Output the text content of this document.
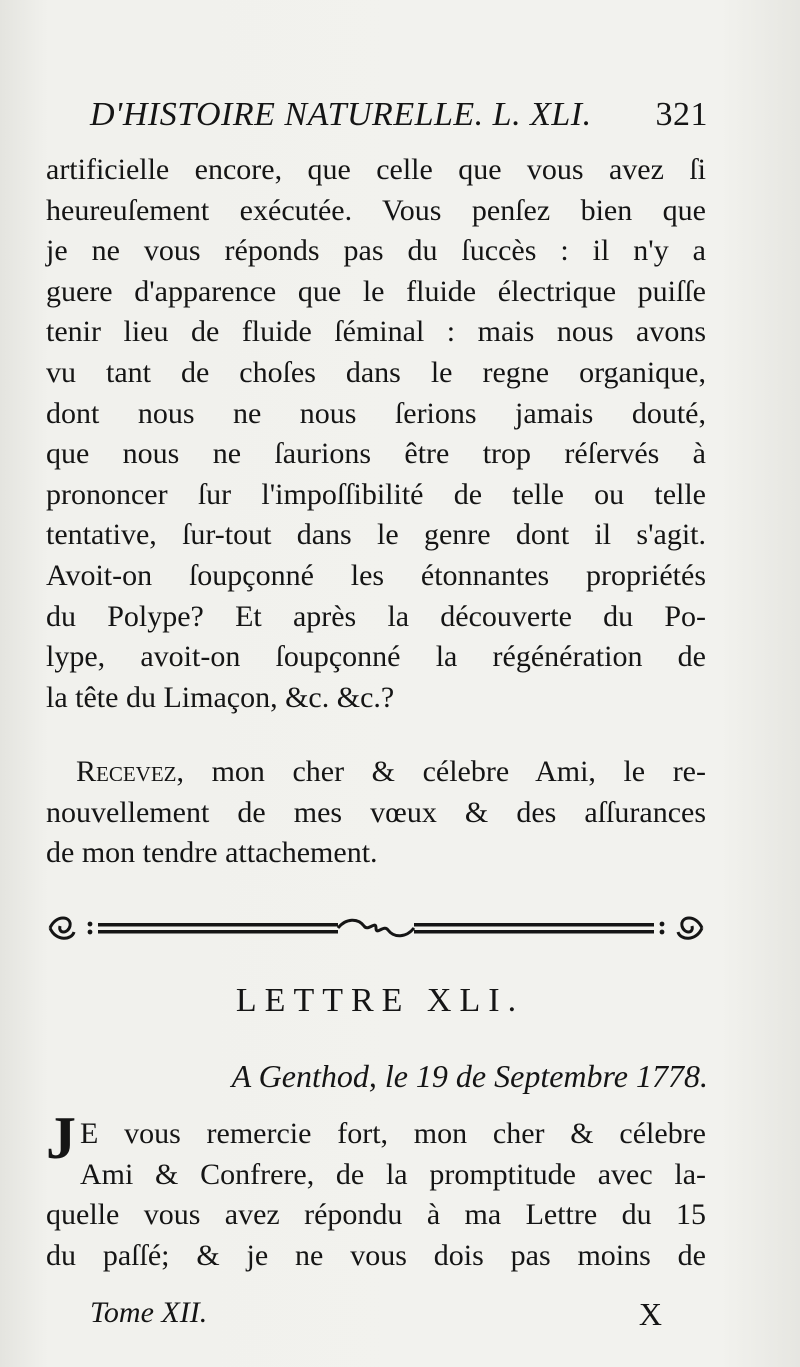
D'HISTOIRE NATURELLE. L. XLI. 321
artificielle encore, que celle que vous avez ſi
heureuſement exécutée. Vous penſez bien que
je ne vous réponds pas du ſuccès : il n'y a
guere d'apparence que le fluide électrique puiſſe
tenir lieu de fluide ſéminal : mais nous avons
vu tant de choſes dans le regne organique,
dont nous ne nous ſerions jamais douté,
que nous ne ſaurions être trop réſervés à
prononcer ſur l'impoſſibilité de telle ou telle
tentative, ſur-tout dans le genre dont il s'agit.
Avoit-on ſoupçonné les étonnantes propriétés
du Polype? Et après la découverte du Po-
lype, avoit-on ſoupçonné la régénération de
la tête du Limaçon, &c. &c.?
Recevez, mon cher & célebre Ami, le re-
nouvellement de mes vœux & des aſſurances
de mon tendre attachement.
LETTRE XLI.
A Genthod, le 19 de Septembre 1778.
J E vous remercie fort, mon cher & célebre
Ami & Confrere, de la promptitude avec la-
quelle vous avez répondu à ma Lettre du 15
du paſſé; & je ne vous dois pas moins de
Tome XII.	X
